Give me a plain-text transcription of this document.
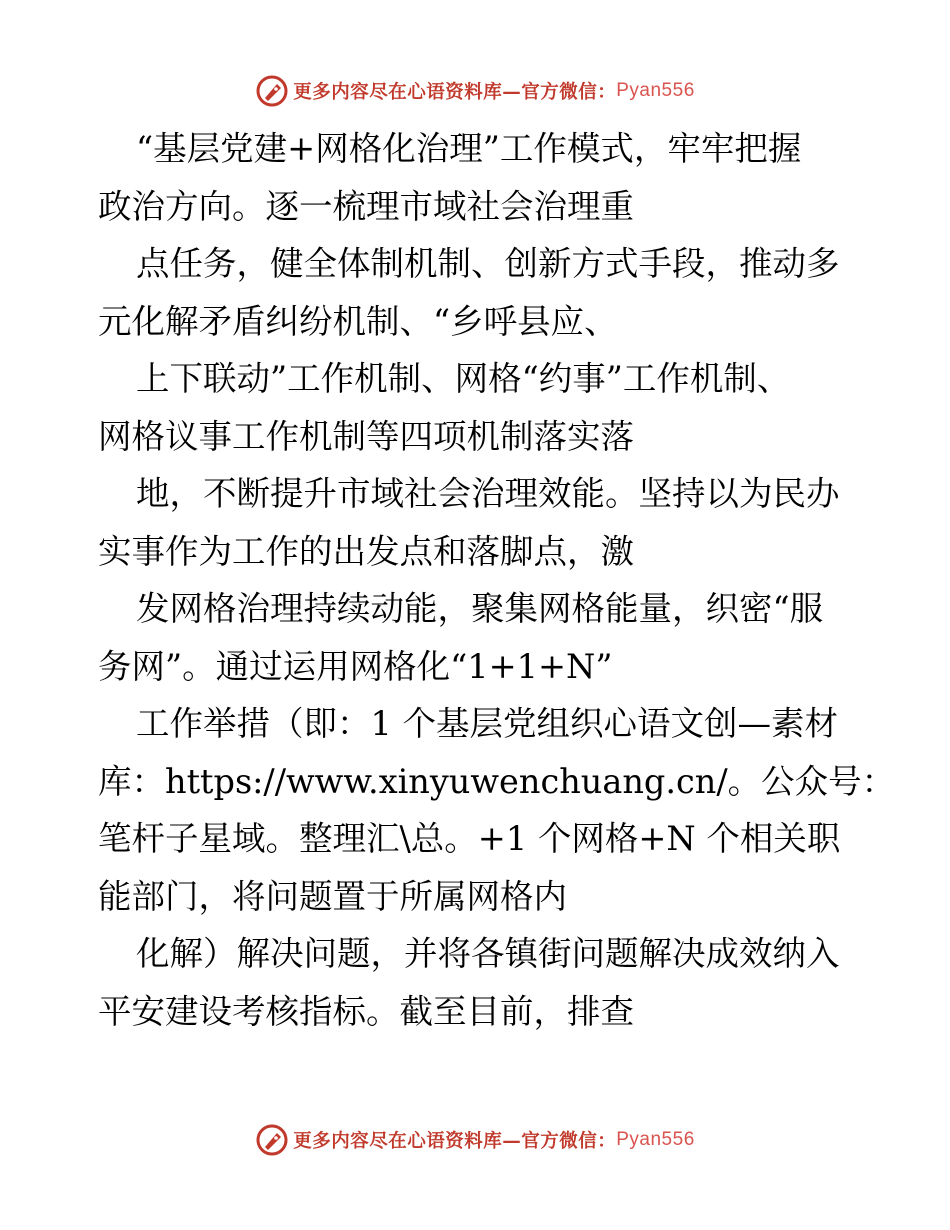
更多内容尽在心语资料库—官方微信： Pyan556
“基层党建+网格化治理”工作模式，牢牢把握
政治方向。逐一梳理市域社会治理重
点任务，健全体制机制、创新方式手段，推动多
元化解矛盾纠纷机制、“乡呼县应、
上下联动”工作机制、网格“约事”工作机制、
网格议事工作机制等四项机制落实落
地，不断提升市域社会治理效能。坚持以为民办
实事作为工作的出发点和落脚点，激
发网格治理持续动能，聚集网格能量，织密“服
务网”。通过运用网格化“1+1+N”
工作举措（即：1 个基层党组织心语文创—素材
库：https://www.xinyuwenchuang.cn/。公众号：
笔杆子星域。整理汇\总。+1 个网格+N 个相关职
能部门，将问题置于所属网格内
化解）解决问题，并将各镇街问题解决成效纳入
平安建设考核指标。截至目前，排查
更多内容尽在心语资料库—官方微信： Pyan556
